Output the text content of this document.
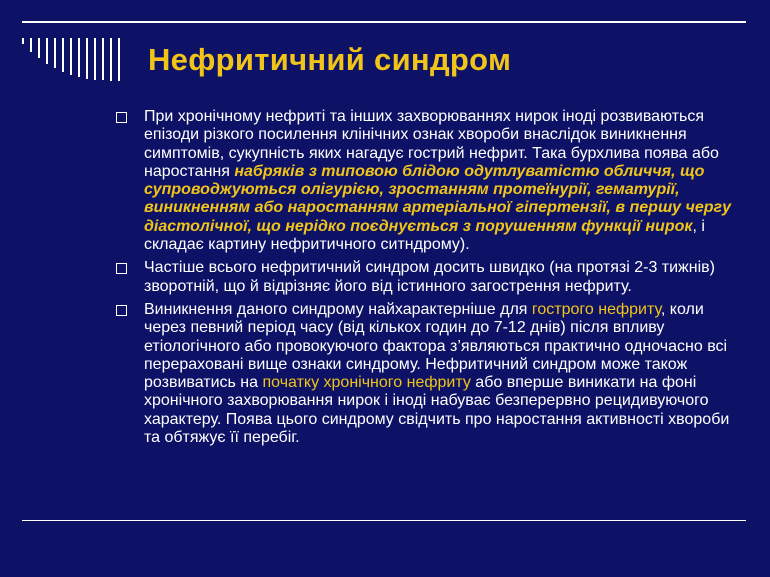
Нефритичний синдром

При хронічному нефриті та інших захворюваннях нирок іноді розвиваються епізоди різкого посилення клінічних ознак хвороби внаслідок виникнення симптомів, сукупність яких нагадує гострий нефрит. Така бурхлива поява або наростання набряків з типовою блідою одутлуватістю обличчя, що супроводжуються олігурією, зростанням протеїнурії, гематурії, виникненням або наростанням артеріальної гіпертензії, в першу чергу діастолічної, що нерідко поєднується з порушенням функції нирок, і складає картину нефритичного ситндрому).

Частіше всього нефритичний синдром досить швидко (на протязі 2-3 тижнів) зворотній, що й відрізняє його від істинного загострення нефриту.

Виникнення даного синдрому найхарактерніше для гострого нефриту, коли через певний період часу (від кількох годин до 7-12 днів) після впливу етіологічного або провокуючого фактора з’являються практично одночасно всі перераховані вище ознаки синдрому. Нефритичний синдром може також розвиватись на початку хронічного нефриту або вперше виникати на фоні хронічного захворювання нирок і іноді набуває безперервно рецидивуючого характеру. Поява цього синдрому свідчить про наростання активності хвороби та обтяжує її перебіг.
